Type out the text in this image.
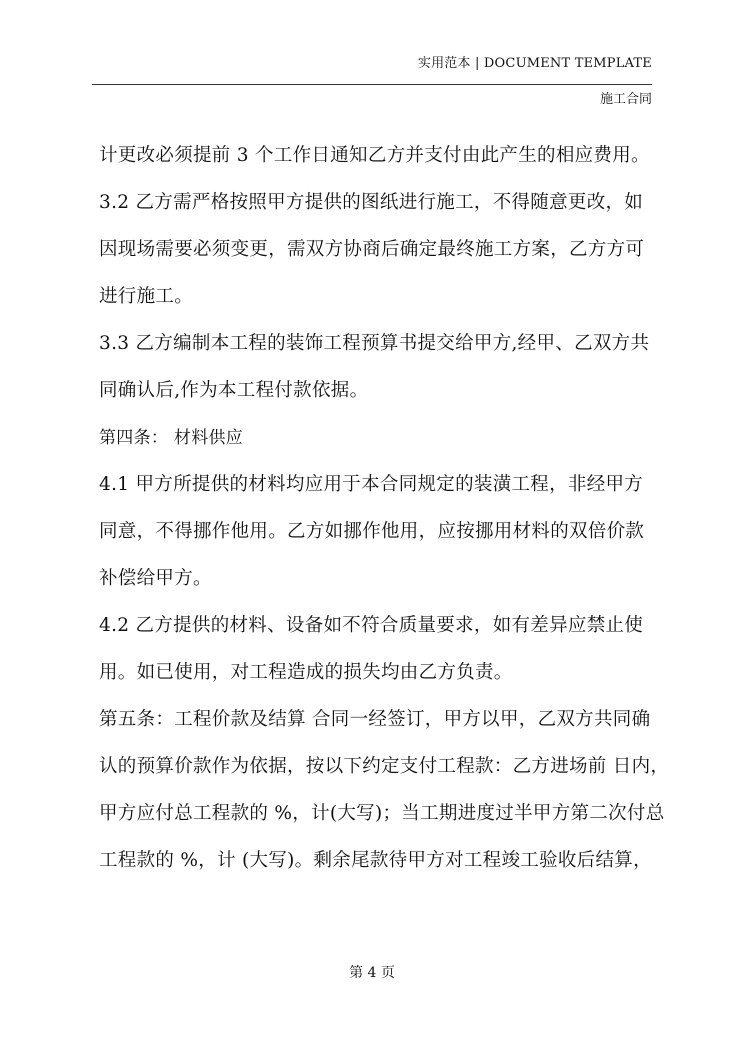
实用范本 | DOCUMENT TEMPLATE
施工合同
计更改必须提前 3 个工作日通知乙方并支付由此产生的相应费用。
3.2 乙方需严格按照甲方提供的图纸进行施工，不得随意更改，如
因现场需要必须变更，需双方协商后确定最终施工方案，乙方方可
进行施工。
3.3 乙方编制本工程的装饰工程预算书提交给甲方,经甲、乙双方共
同确认后,作为本工程付款依据。
第四条： 材料供应
4.1 甲方所提供的材料均应用于本合同规定的装潢工程，非经甲方
同意，不得挪作他用。乙方如挪作他用，应按挪用材料的双倍价款
补偿给甲方。
4.2 乙方提供的材料、设备如不符合质量要求，如有差异应禁止使
用。如已使用，对工程造成的损失均由乙方负责。
第五条：工程价款及结算 合同一经签订，甲方以甲，乙双方共同确
认的预算价款作为依据，按以下约定支付工程款：乙方进场前 日内，
甲方应付总工程款的 %，计(大写)；当工期进度过半甲方第二次付总
工程款的 %，计 (大写)。剩余尾款待甲方对工程竣工验收后结算，
第 4 页
